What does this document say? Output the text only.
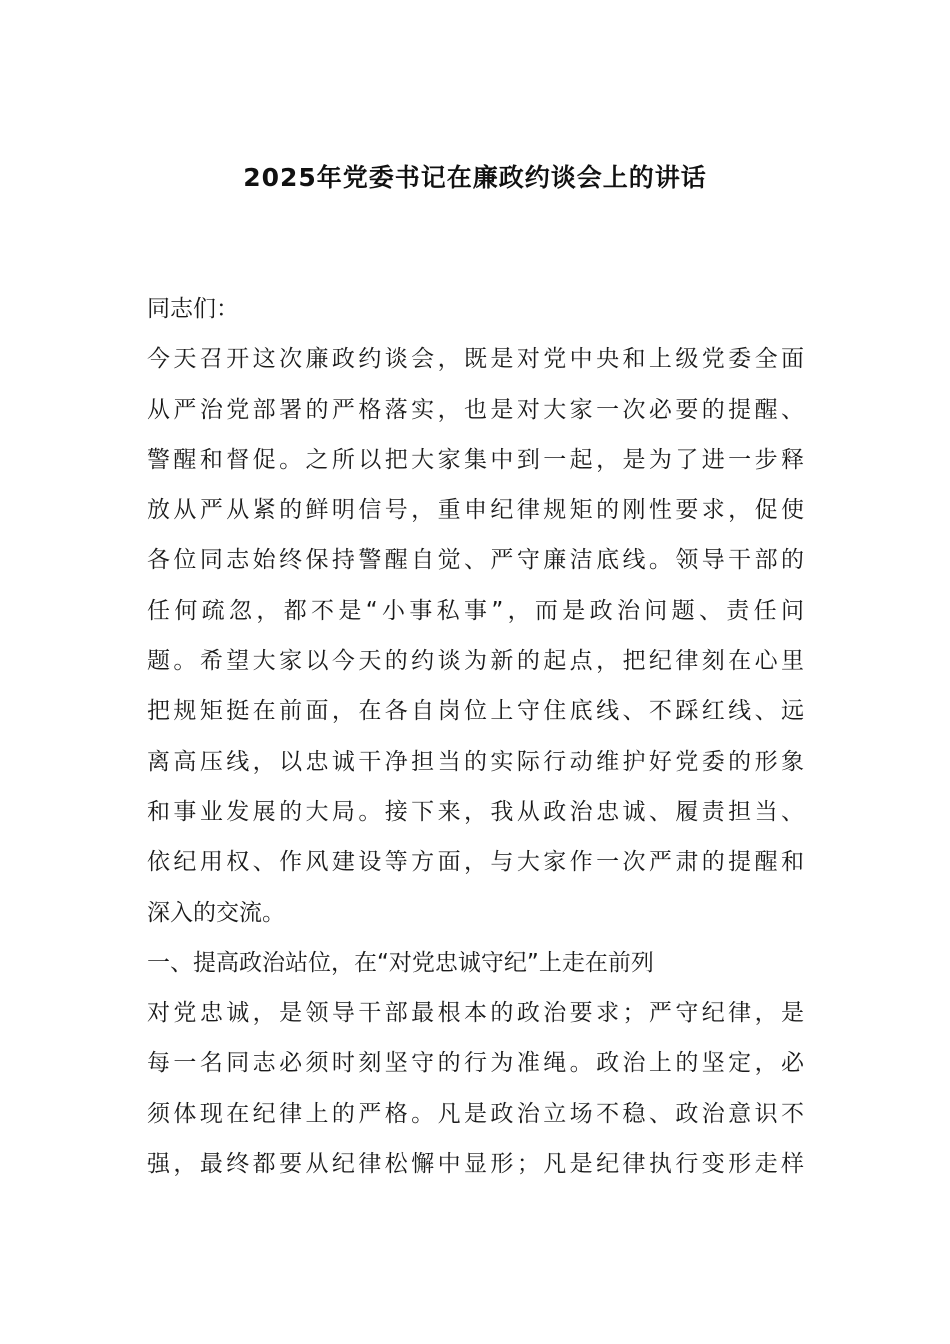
2025年党委书记在廉政约谈会上的讲话
同志们：
今天召开这次廉政约谈会，既是对党中央和上级党委全面
从严治党部署的严格落实，也是对大家一次必要的提醒、
警醒和督促。之所以把大家集中到一起，是为了进一步释
放从严从紧的鲜明信号，重申纪律规矩的刚性要求，促使
各位同志始终保持警醒自觉、严守廉洁底线。领导干部的
任何疏忽，都不是“小事私事”，而是政治问题、责任问
题。希望大家以今天的约谈为新的起点，把纪律刻在心里
把规矩挺在前面，在各自岗位上守住底线、不踩红线、远
离高压线，以忠诚干净担当的实际行动维护好党委的形象
和事业发展的大局。接下来，我从政治忠诚、履责担当、
依纪用权、作风建设等方面，与大家作一次严肃的提醒和
深入的交流。
一、提高政治站位，在“对党忠诚守纪”上走在前列
对党忠诚，是领导干部最根本的政治要求；严守纪律，是
每一名同志必须时刻坚守的行为准绳。政治上的坚定，必
须体现在纪律上的严格。凡是政治立场不稳、政治意识不
强，最终都要从纪律松懈中显形；凡是纪律执行变形走样
